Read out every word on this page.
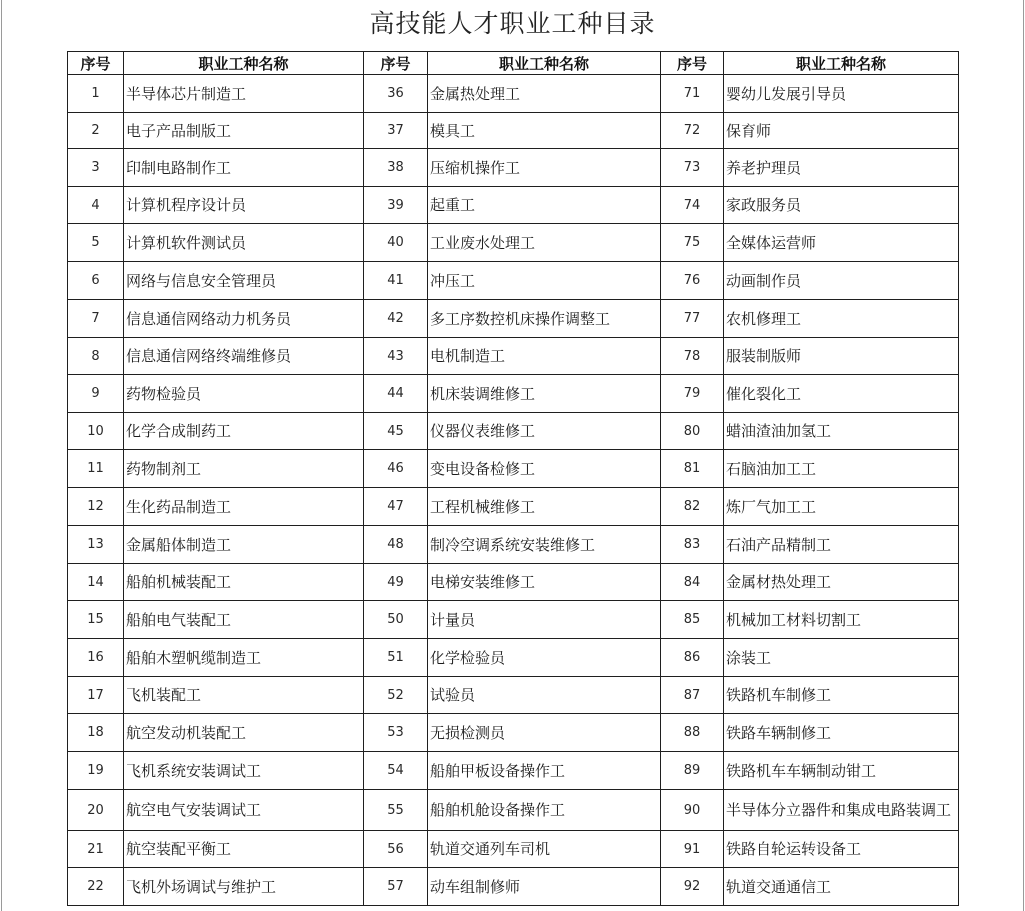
高技能人才职业工种目录
序号	职业工种名称	序号	职业工种名称	序号	职业工种名称
1	半导体芯片制造工	36	金属热处理工	71	婴幼儿发展引导员
2	电子产品制版工	37	模具工	72	保育师
3	印制电路制作工	38	压缩机操作工	73	养老护理员
4	计算机程序设计员	39	起重工	74	家政服务员
5	计算机软件测试员	40	工业废水处理工	75	全媒体运营师
6	网络与信息安全管理员	41	冲压工	76	动画制作员
7	信息通信网络动力机务员	42	多工序数控机床操作调整工	77	农机修理工
8	信息通信网络终端维修员	43	电机制造工	78	服装制版师
9	药物检验员	44	机床装调维修工	79	催化裂化工
10	化学合成制药工	45	仪器仪表维修工	80	蜡油渣油加氢工
11	药物制剂工	46	变电设备检修工	81	石脑油加工工
12	生化药品制造工	47	工程机械维修工	82	炼厂气加工工
13	金属船体制造工	48	制冷空调系统安装维修工	83	石油产品精制工
14	船舶机械装配工	49	电梯安装维修工	84	金属材热处理工
15	船舶电气装配工	50	计量员	85	机械加工材料切割工
16	船舶木塑帆缆制造工	51	化学检验员	86	涂装工
17	飞机装配工	52	试验员	87	铁路机车制修工
18	航空发动机装配工	53	无损检测员	88	铁路车辆制修工
19	飞机系统安装调试工	54	船舶甲板设备操作工	89	铁路机车车辆制动钳工
20	航空电气安装调试工	55	船舶机舱设备操作工	90	半导体分立器件和集成电路装调工
21	航空装配平衡工	56	轨道交通列车司机	91	铁路自轮运转设备工
22	飞机外场调试与维护工	57	动车组制修师	92	轨道交通通信工
